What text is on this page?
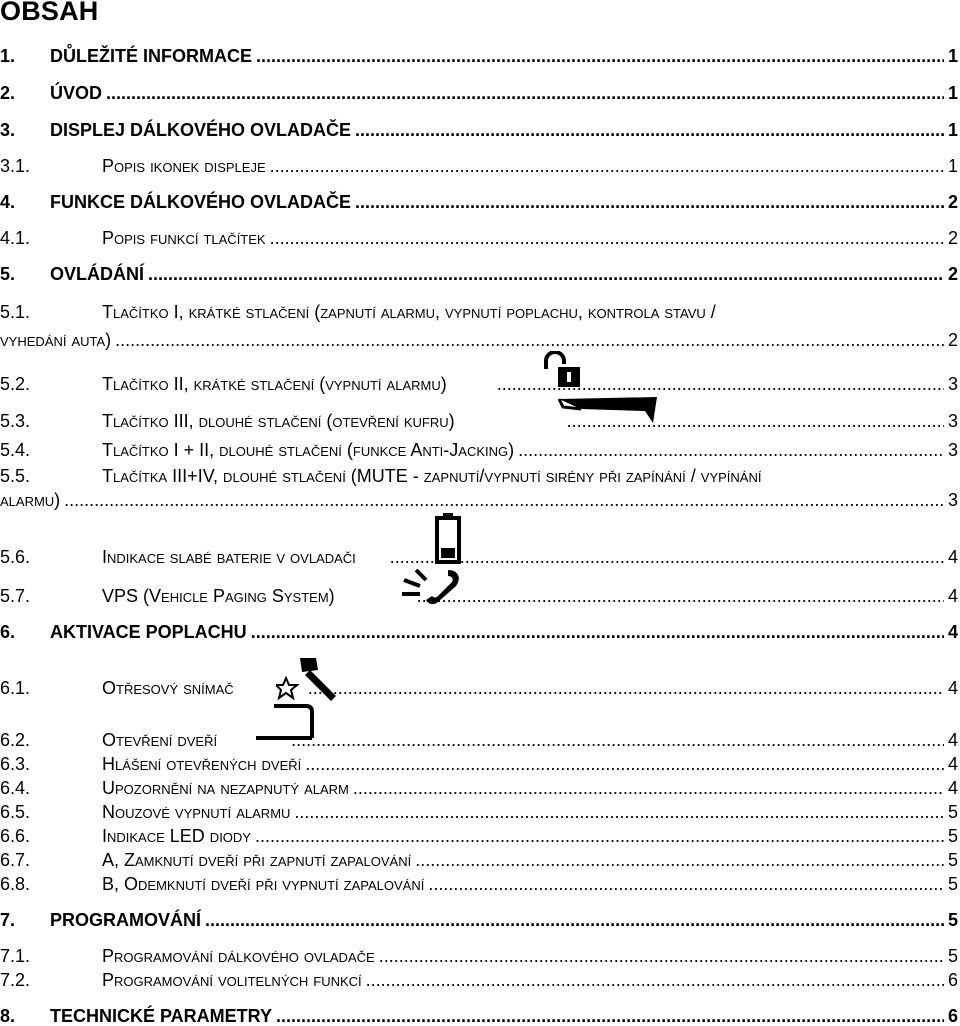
OBSAH
1.	DŮLEŽITÉ INFORMACE .....	1
2.	ÚVOD .....	1
3.	DISPLEJ DÁLKOVÉHO OVLADAČE .....	1
3.1.	Popis ikonek displeje .....	1
4.	FUNKCE DÁLKOVÉHO OVLADAČE .....	2
4.1.	Popis funkcí tlačítek .....	2
5.	OVLÁDÁNÍ .....	2
5.1.	Tlačítko I, krátké stlačení (zapnutí alarmu, vypnutí poplachu, kontrola stavu /
vyhedání auta) .....	2
5.2.	Tlačítko II, krátké stlačení (vypnutí alarmu) .....	3
5.3.	Tlačítko III, dlouhé stlačení (otevření kufru) .....	3
5.4.	Tlačítko I + II, dlouhé stlačení (funkce Anti-Jacking) .....	3
5.5.	Tlačítka III+IV, dlouhé stlačení (MUTE - zapnutí/vypnutí sirény při zapínání / vypínání
alarmu) .....	3
5.6.	Indikace slabé baterie v ovladači .....	4
5.7.	VPS (Vehicle Paging System) .....	4
6.	AKTIVACE POPLACHU .....	4
6.1.	Otřesový snímač .....	4
6.2.	Otevření dveří .....	4
6.3.	Hlášení otevřených dveří .....	4
6.4.	Upozornění na nezapnutý alarm .....	4
6.5.	Nouzové vypnutí alarmu .....	5
6.6.	Indikace LED diody .....	5
6.7.	A, Zamknutí dveří při zapnutí zapalování .....	5
6.8.	B, Odemknutí dveří při vypnutí zapalování .....	5
7.	PROGRAMOVÁNÍ .....	5
7.1.	Programování dálkového ovladače .....	5
7.2.	Programování volitelných funkcí .....	6
8.	TECHNICKÉ PARAMETRY .....	6
